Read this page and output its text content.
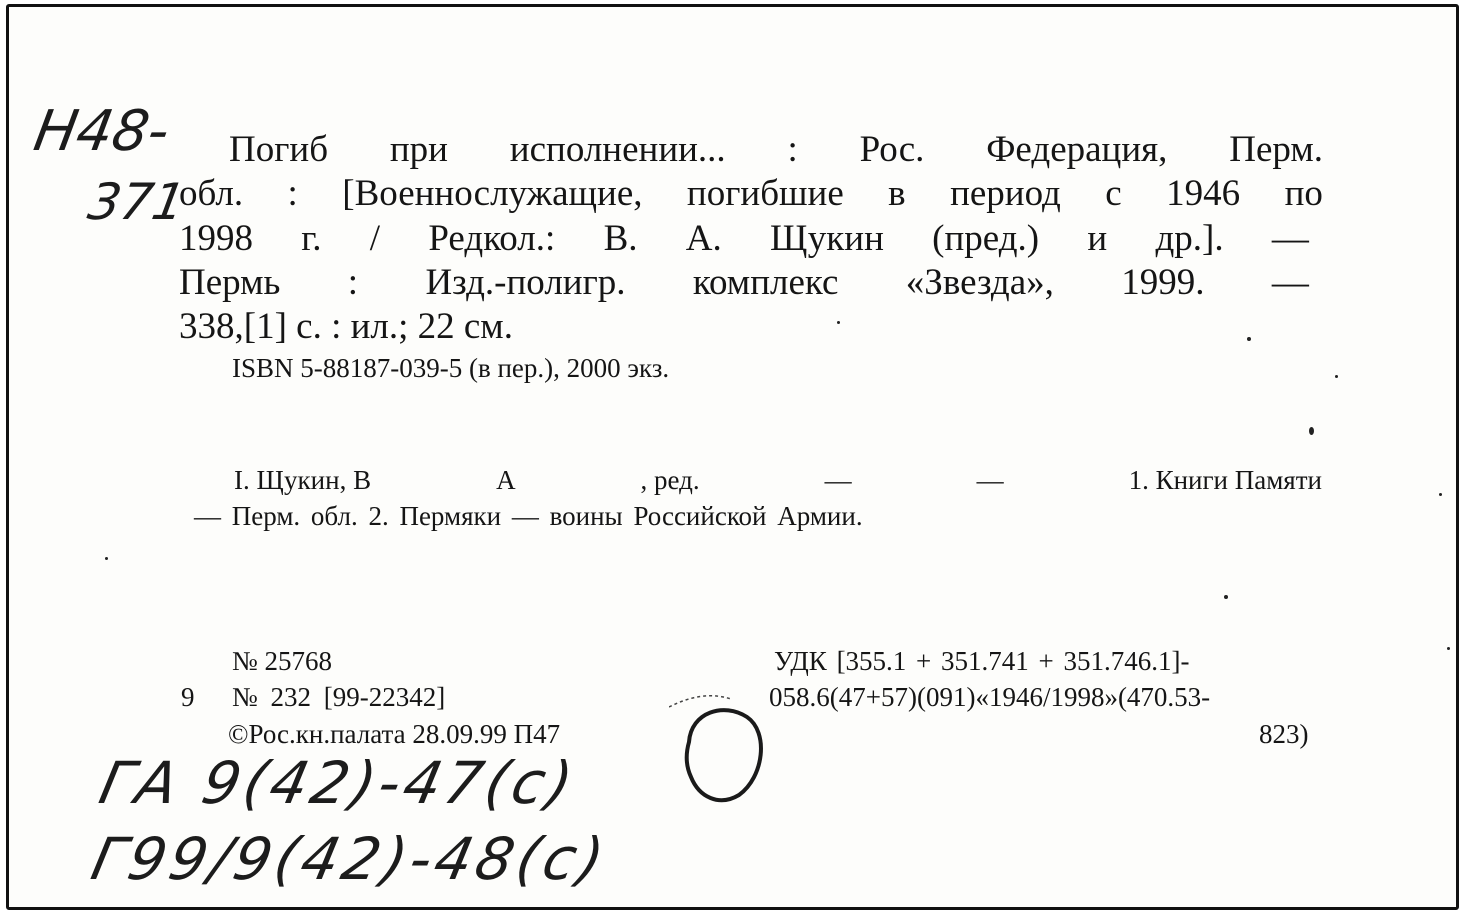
Н48-
371
Погиб при исполнении... : Рос. Федерация, Перм.
обл. : [Военнослужащие, погибшие в период с 1946 по
1998 г. / Редкол.: В. А. Щукин (пред.) и др.]. —
Пермь : Изд.-полигр. комплекс «Звезда», 1999. —
338,[1] с. : ил.; 22 см.
ISBN 5-88187-039-5 (в пер.), 2000 экз.
I. Щукин, В	А	, ред.	—	—	1. Книги Памяти
— Перм. обл. 2. Пермяки — воины Российской Армии.
№ 25768
9 № 232 [99-22342]
©Рос.кн.палата 28.09.99 П47
УДК [355.1 + 351.741 + 351.746.1]-
058.6(47+57)(091)«1946/1998»(470.53-
823)
ГА 9(42)-47(с)
Г99/9(42)-48(с)
